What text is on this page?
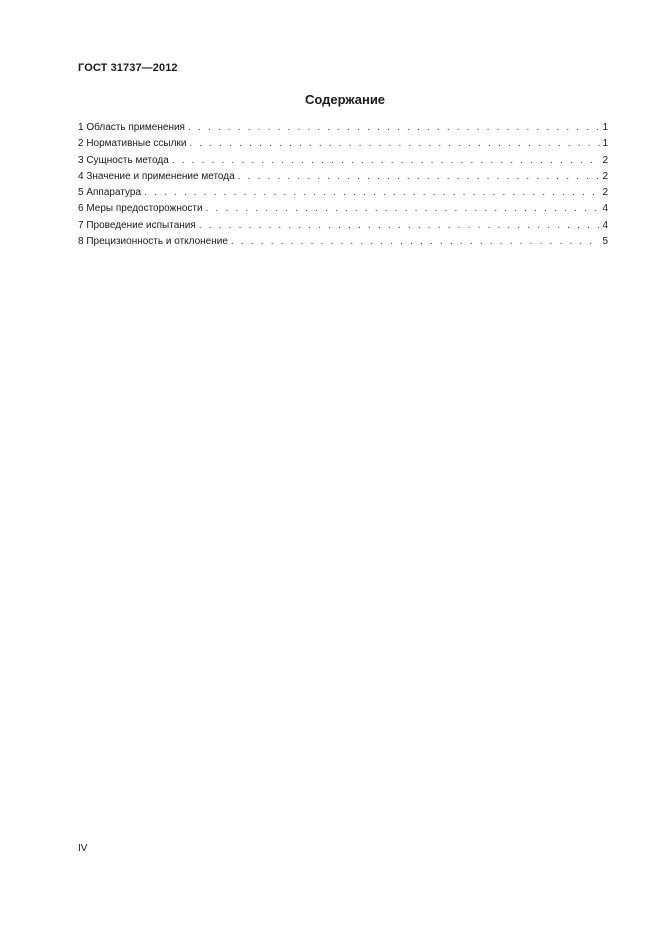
ГОСТ 31737—2012
Содержание
1 Область применения . . .	1
2 Нормативные ссылки . . .	1
3 Сущность метода . . .	2
4 Значение и применение метода . . .	2
5 Аппаратура . . .	2
6 Меры предосторожности . . .	4
7 Проведение испытания . . .	4
8 Прецизионность и отклонение . . .	5
IV
